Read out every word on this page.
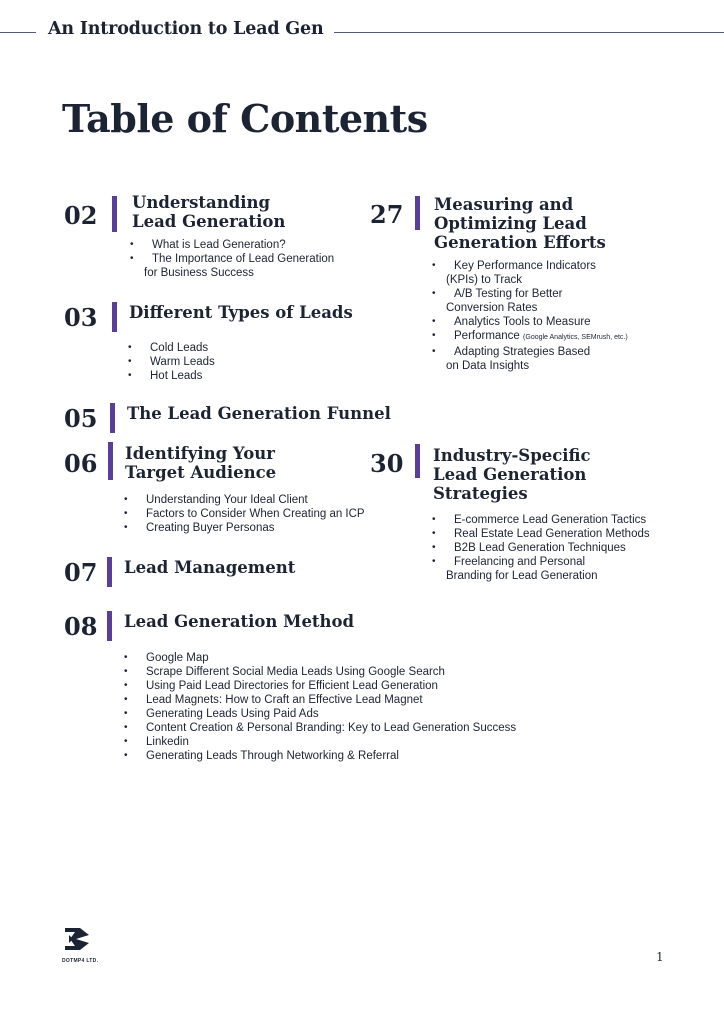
An Introduction to Lead Gen
Table of Contents
02 Understanding
Lead Generation
• What is Lead Generation?
• The Importance of Lead Generation
for Business Success
03 Different Types of Leads
• Cold Leads
• Warm Leads
• Hot Leads
05 The Lead Generation Funnel
06 Identifying Your
Target Audience
• Understanding Your Ideal Client
• Factors to Consider When Creating an ICP
• Creating Buyer Personas
07 Lead Management
08 Lead Generation Method
• Google Map
• Scrape Different Social Media Leads Using Google Search
• Using Paid Lead Directories for Efficient Lead Generation
• Lead Magnets: How to Craft an Effective Lead Magnet
• Generating Leads Using Paid Ads
• Content Creation & Personal Branding: Key to Lead Generation Success
• Linkedin
• Generating Leads Through Networking & Referral
27 Measuring and
Optimizing Lead
Generation Efforts
• Key Performance Indicators
(KPIs) to Track
• A/B Testing for Better
Conversion Rates
• Analytics Tools to Measure
• Performance (Google Analytics, SEMrush, etc.)
• Adapting Strategies Based
on Data Insights
30 Industry-Specific
Lead Generation
Strategies
• E-commerce Lead Generation Tactics
• Real Estate Lead Generation Methods
• B2B Lead Generation Techniques
• Freelancing and Personal
Branding for Lead Generation
DOTMP4 LTD.	1
